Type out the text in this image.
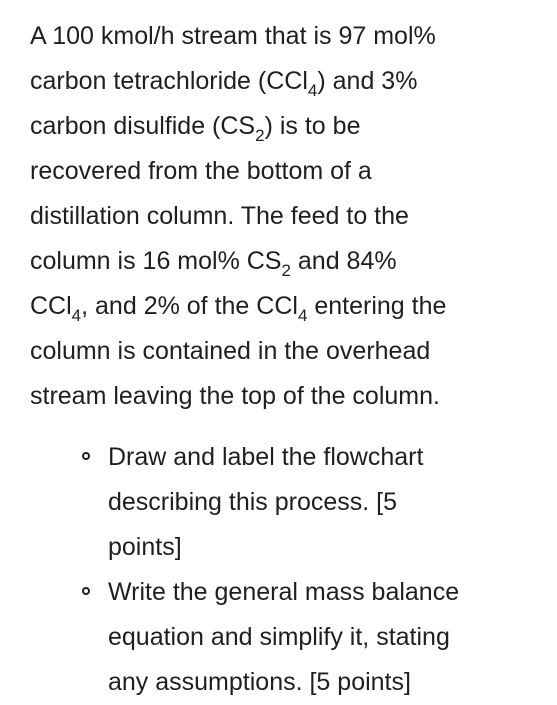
A 100 kmol/h stream that is 97 mol%
carbon tetrachloride (CCl$_4$) and 3%
carbon disulfide $(CS_2)$ is to be
recovered from the bottom of a
distillation column. The feed to the
column is 16 mol% $CS_2$ and 84%
CCl$_4$, and 2% of the CCl$_4$ entering the
column is contained in the overhead
stream leaving the top of the column.
Draw and label the flowchart
describing this process. [5
points]
Write the general mass balance
equation and simplify it, stating
any assumptions. [5 points]
